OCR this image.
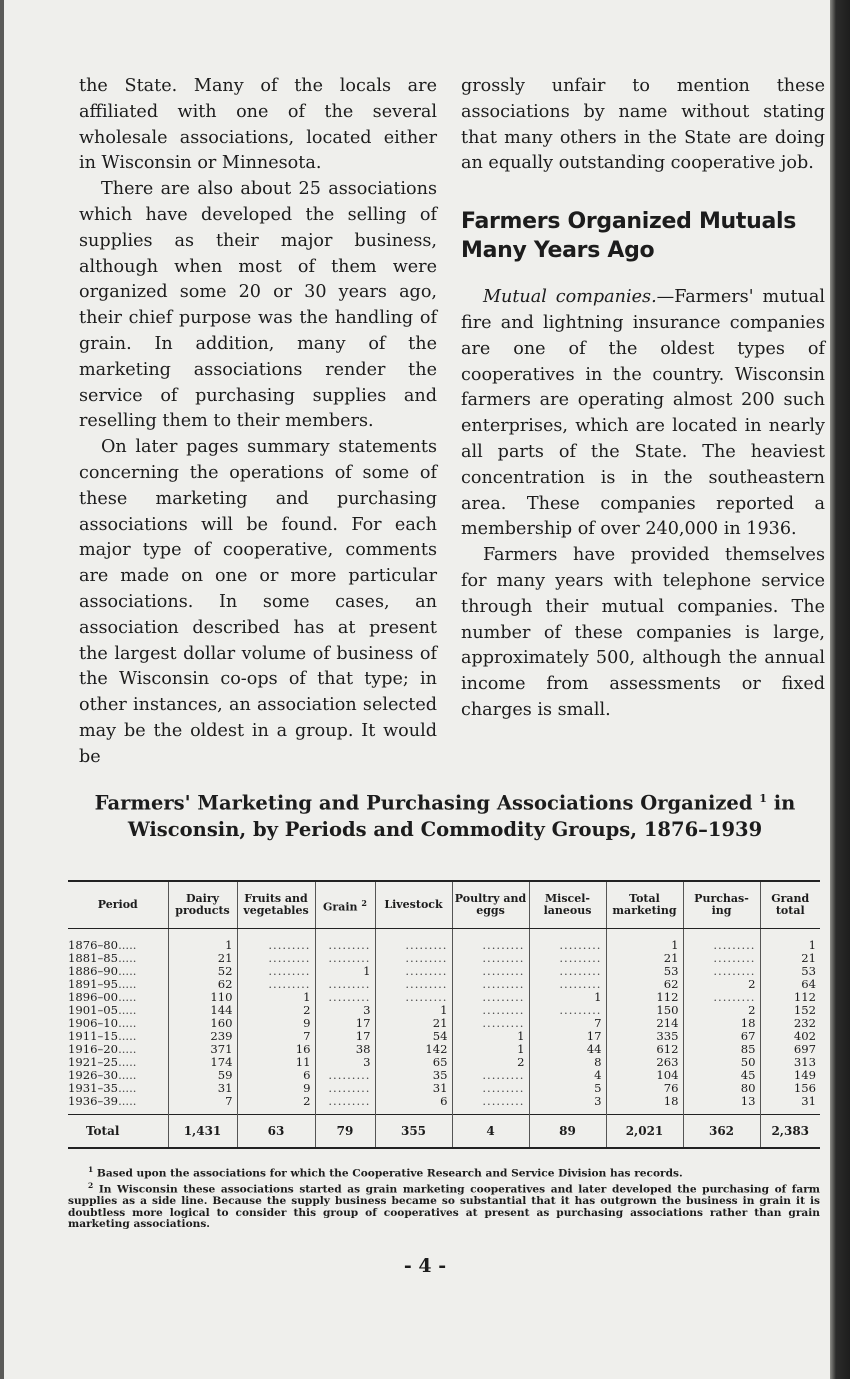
the State. Many of the locals are affiliated with one of the several wholesale associations, located either in Wisconsin or Minnesota.

There are also about 25 associations which have developed the selling of supplies as their major business, although when most of them were organized some 20 or 30 years ago, their chief purpose was the handling of grain. In addition, many of the marketing associations render the service of purchasing supplies and reselling them to their members.

On later pages summary statements concerning the operations of some of these marketing and purchasing associations will be found. For each major type of cooperative, comments are made on one or more particular associations. In some cases, an association described has at present the largest dollar volume of business of the Wisconsin co-ops of that type; in other instances, an association selected may be the oldest in a group. It would be

grossly unfair to mention these associations by name without stating that many others in the State are doing an equally outstanding cooperative job.

Farmers Organized Mutuals Many Years Ago

Mutual companies.—Farmers' mutual fire and lightning insurance companies are one of the oldest types of cooperatives in the country. Wisconsin farmers are operating almost 200 such enterprises, which are located in nearly all parts of the State. The heaviest concentration is in the southeastern area. These companies reported a membership of over 240,000 in 1936.

Farmers have provided themselves for many years with telephone service through their mutual companies. The number of these companies is large, approximately 500, although the annual income from assessments or fixed charges is small.

Farmers' Marketing and Purchasing Associations Organized $^1$ in Wisconsin, by Periods and Commodity Groups, 1876–1939
Period	Dairy products	Fruits and vegetables	Grain $^2$	Livestock	Poultry and eggs	Miscel-laneous	Total marketing	Purchas-ing	Grand total
1876–80.....	1	.........	.........	.........	.........	.........	1	.........	1
1881–85.....	21	.........	.........	.........	.........	.........	21	.........	21
1886–90.....	52	.........	1	.........	.........	.........	53	.........	53
1891–95.....	62	.........	.........	.........	.........	.........	62	2	64
1896–00.....	110	1	.........	.........	.........	1	112	.........	112
1901–05.....	144	2	3	1	.........	.........	150	2	152
1906–10.....	160	9	17	21	.........	7	214	18	232
1911–15.....	239	7	17	54	1	17	335	67	402
1916–20.....	371	16	38	142	1	44	612	85	697
1921–25.....	174	11	3	65	2	8	263	50	313
1926–30.....	59	6	.........	35	.........	4	104	45	149
1931–35.....	31	9	.........	31	.........	5	76	80	156
1936–39.....	7	2	.........	6	.........	3	18	13	31
Total	1,431	63	79	355	4	89	2,021	362	2,383

$^1$ Based upon the associations for which the Cooperative Research and Service Division has records.

$^2$ In Wisconsin these associations started as grain marketing cooperatives and later developed the purchasing of farm supplies as a side line. Because the supply business became so substantial that it has outgrown the business in grain it is doubtless more logical to consider this group of cooperatives at present as purchasing associations rather than grain marketing associations.

- 4 -
